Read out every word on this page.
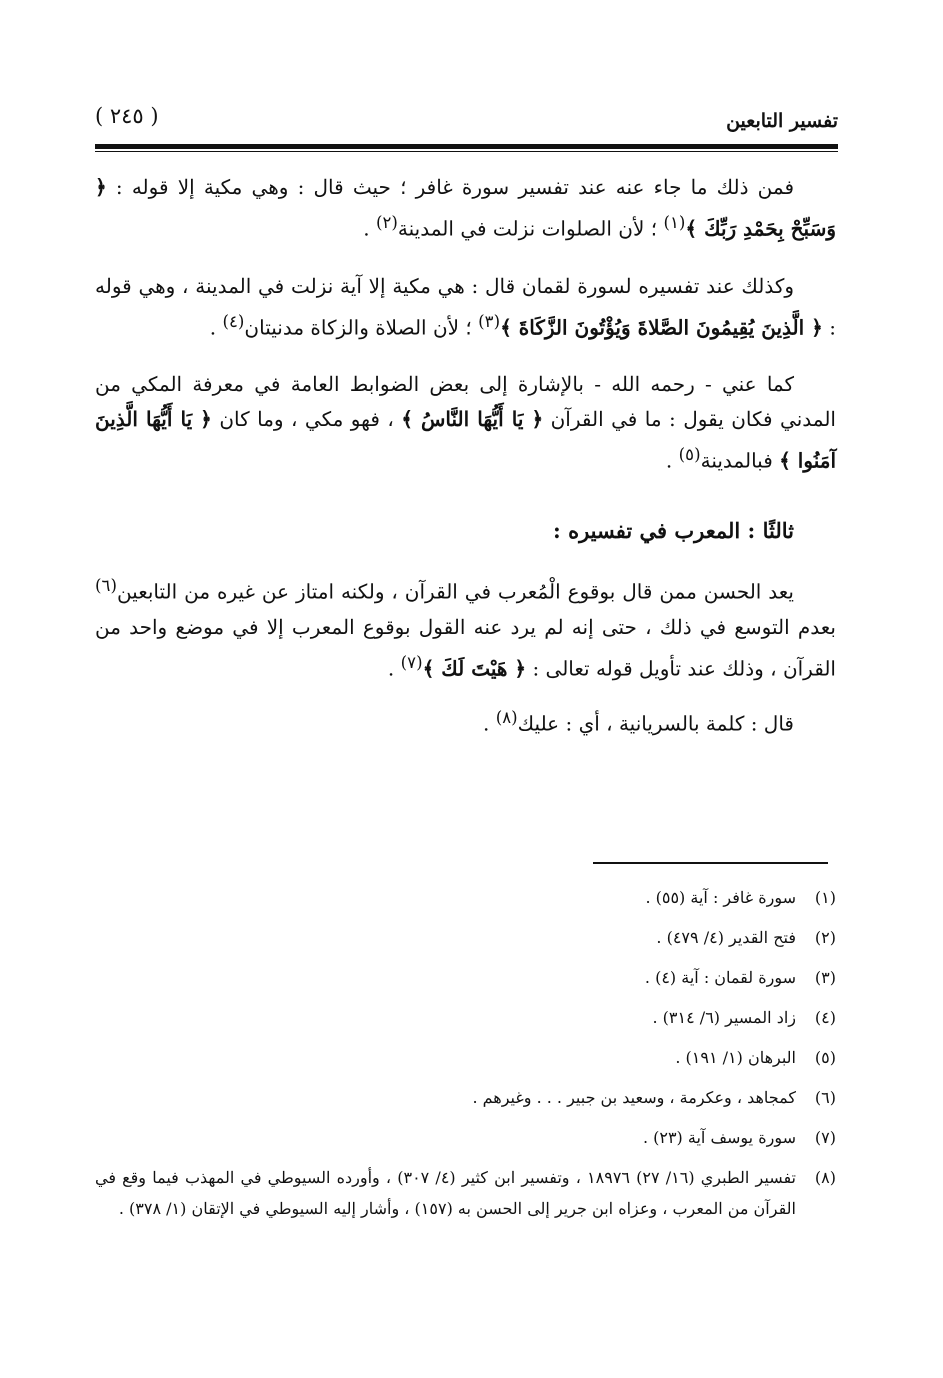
تفسير التابعين
( ٢٤٥ )

فمن ذلك ما جاء عنه عند تفسير سورة غافر ؛ حيث قال : وهي مكية إلا قوله : ﴿ وَسَبِّحْ بِحَمْدِ رَبِّكَ ﴾$^{(١)}$ ؛ لأن الصلوات نزلت في المدينة$^{(٢)}$ .

وكذلك عند تفسيره لسورة لقمان قال : هي مكية إلا آية نزلت في المدينة ، وهي قوله : ﴿ الَّذِينَ يُقِيمُونَ الصَّلاةَ وَيُؤْتُونَ الزَّكَاةَ ﴾$^{(٣)}$ ؛ لأن الصلاة والزكاة مدنيتان$^{(٤)}$ .

كما عني - رحمه الله - بالإشارة إلى بعض الضوابط العامة في معرفة المكي من المدني فكان يقول : ما في القرآن ﴿ يَا أَيُّهَا النَّاسُ ﴾ ، فهو مكي ، وما كان ﴿ يَا أَيُّهَا الَّذِينَ آمَنُوا ﴾ فبالمدينة$^{(٥)}$ .

ثالثًا : المعرب في تفسيره :

يعد الحسن ممن قال بوقوع الْمُعرب في القرآن ، ولكنه امتاز عن غيره من التابعين$^{(٦)}$ بعدم التوسع في ذلك ، حتى إنه لم يرد عنه القول بوقوع المعرب إلا في موضع واحد من القرآن ، وذلك عند تأويل قوله تعالى : ﴿ هَيْتَ لَكَ ﴾$^{(٧)}$ .

قال : كلمة بالسريانية ، أي : عليك$^{(٨)}$ .

(١)
سورة غافر : آية (٥٥) .
(٢)
فتح القدير (٤/ ٤٧٩) .
(٣)
سورة لقمان : آية (٤) .
(٤)
زاد المسير (٦/ ٣١٤) .
(٥)
البرهان (١/ ١٩١) .
(٦)
كمجاهد ، وعكرمة ، وسعيد بن جبير . . . وغيرهم .
(٧)
سورة يوسف آية (٢٣) .
(٨)
تفسير الطبري (١٦/ ٢٧) ١٨٩٧٦ ، وتفسير ابن كثير (٤/ ٣٠٧) ، وأورده السيوطي في المهذب فيما وقع في القرآن من المعرب ، وعزاه ابن جرير إلى الحسن به (١٥٧) ، وأشار إليه السيوطي في الإتقان (١/ ٣٧٨) .
